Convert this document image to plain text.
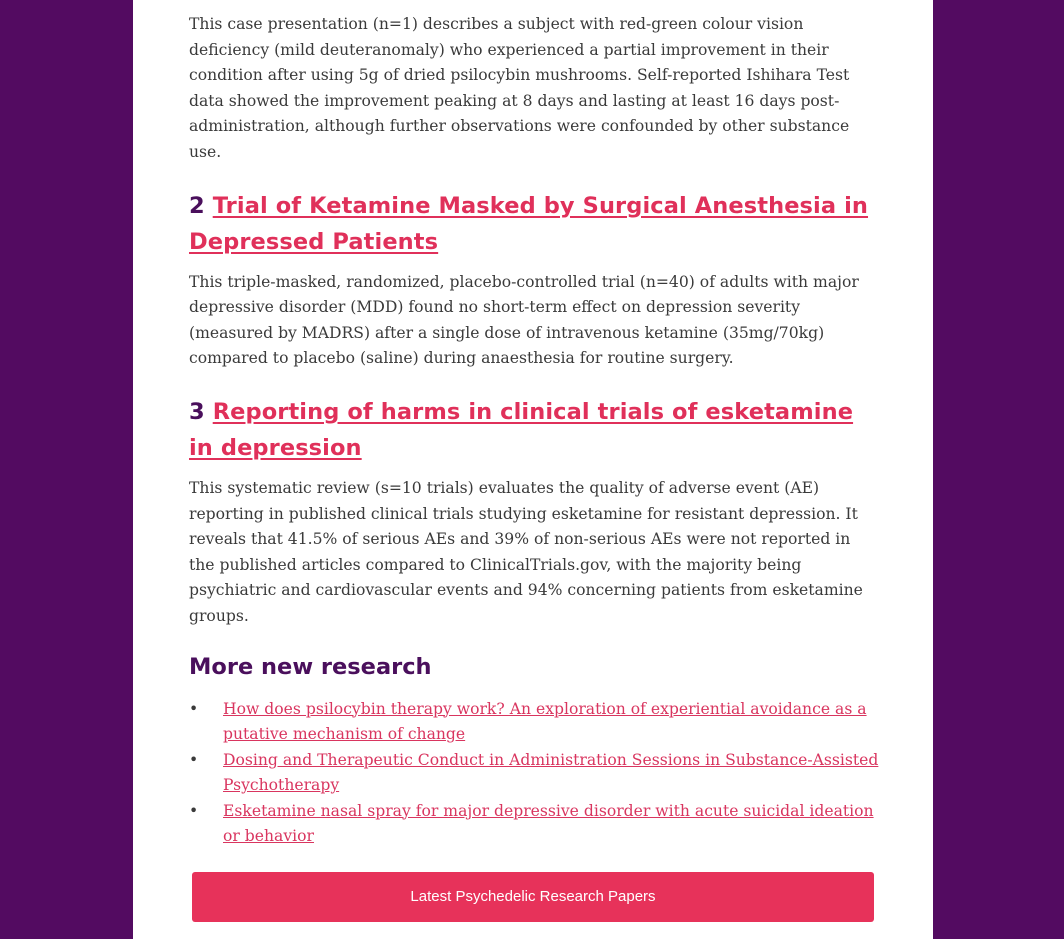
This case presentation (n=1) describes a subject with red-green colour vision deficiency (mild deuteranomaly) who experienced a partial improvement in their condition after using 5g of dried psilocybin mushrooms. Self-reported Ishihara Test data showed the improvement peaking at 8 days and lasting at least 16 days post-administration, although further observations were confounded by other substance use.

2 Trial of Ketamine Masked by Surgical Anesthesia in Depressed Patients

This triple-masked, randomized, placebo-controlled trial (n=40) of adults with major depressive disorder (MDD) found no short-term effect on depression severity (measured by MADRS) after a single dose of intravenous ketamine (35mg/70kg) compared to placebo (saline) during anaesthesia for routine surgery.

3 Reporting of harms in clinical trials of esketamine in depression

This systematic review (s=10 trials) evaluates the quality of adverse event (AE) reporting in published clinical trials studying esketamine for resistant depression. It reveals that 41.5% of serious AEs and 39% of non-serious AEs were not reported in the published articles compared to ClinicalTrials.gov, with the majority being psychiatric and cardiovascular events and 94% concerning patients from esketamine groups.

More new research
• How does psilocybin therapy work? An exploration of experiential avoidance as a putative mechanism of change
• Dosing and Therapeutic Conduct in Administration Sessions in Substance-Assisted Psychotherapy
• Esketamine nasal spray for major depressive disorder with acute suicidal ideation or behavior
Latest Psychedelic Research Papers
